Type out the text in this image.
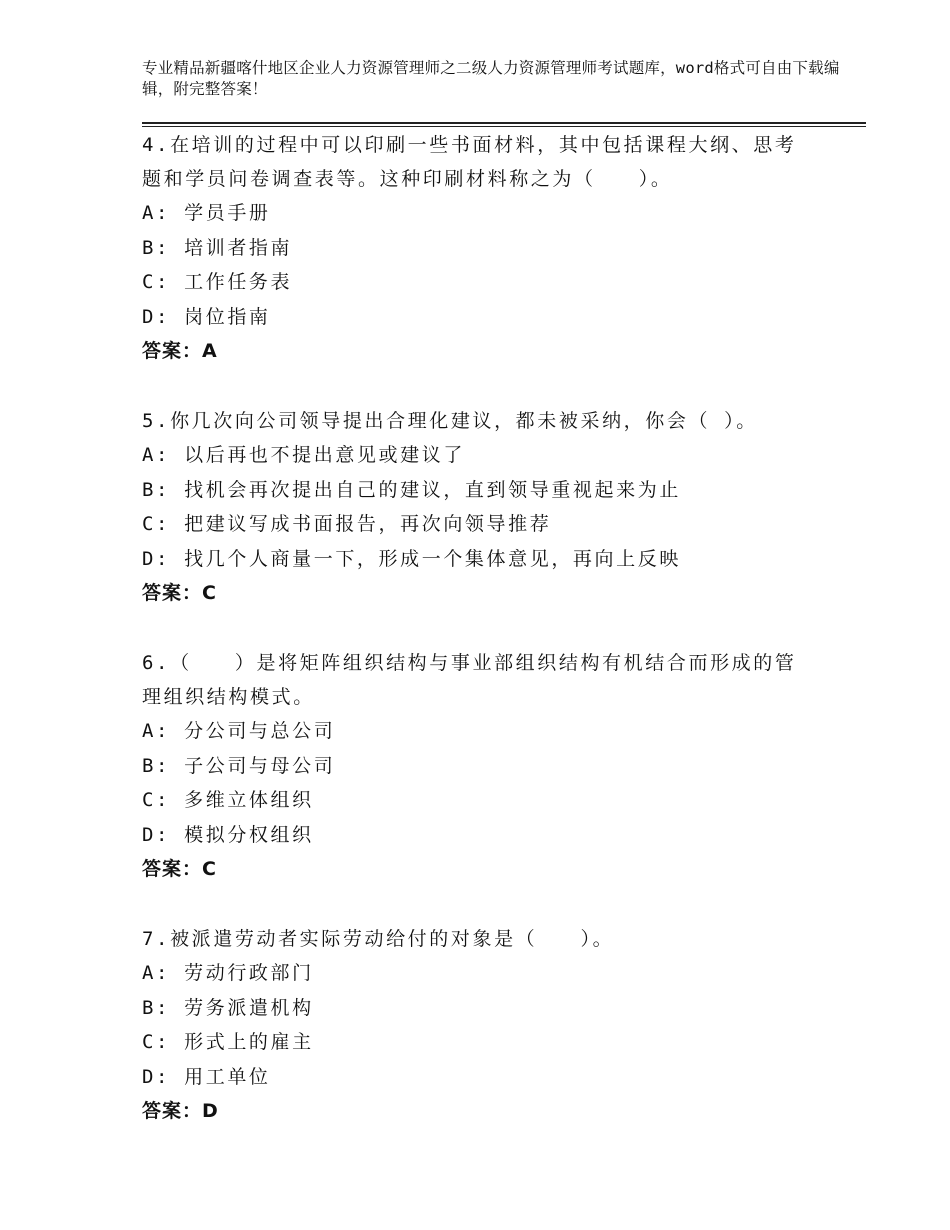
专业精品新疆喀什地区企业人力资源管理师之二级人力资源管理师考试题库，word格式可自由下载编辑，附完整答案！
4.在培训的过程中可以印刷一些书面材料，其中包括课程大纲、思考题和学员问卷调查表等。这种印刷材料称之为（　　）。
A: 学员手册
B: 培训者指南
C: 工作任务表
D: 岗位指南
答案：A
5.你几次向公司领导提出合理化建议，都未被采纳，你会（ ）。
A: 以后再也不提出意见或建议了
B: 找机会再次提出自己的建议，直到领导重视起来为止
C: 把建议写成书面报告，再次向领导推荐
D: 找几个人商量一下，形成一个集体意见，再向上反映
答案：C
6.（　　）是将矩阵组织结构与事业部组织结构有机结合而形成的管理组织结构模式。
A: 分公司与总公司
B: 子公司与母公司
C: 多维立体组织
D: 模拟分权组织
答案：C
7.被派遣劳动者实际劳动给付的对象是（　　）。
A: 劳动行政部门
B: 劳务派遣机构
C: 形式上的雇主
D: 用工单位
答案：D
